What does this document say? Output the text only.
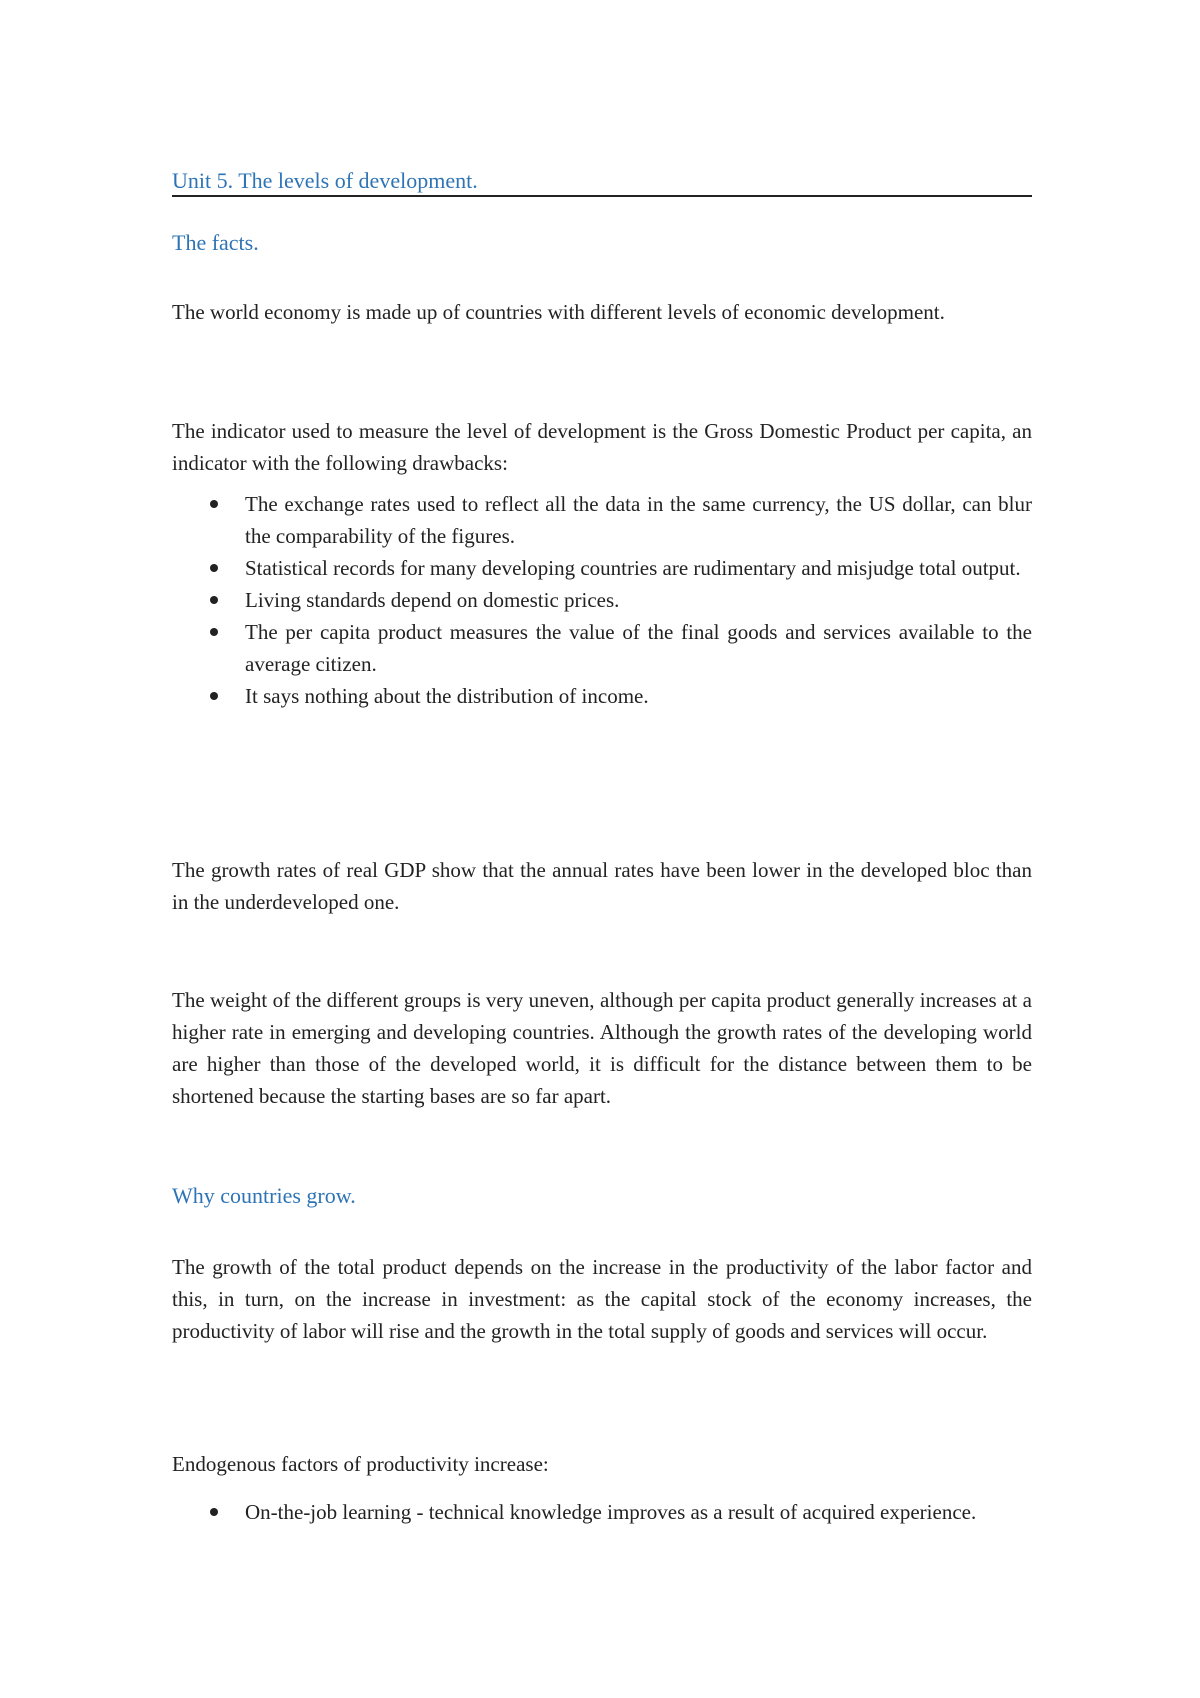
Unit 5. The levels of development.
The facts.

The world economy is made up of countries with different levels of economic development.

The indicator used to measure the level of development is the Gross Domestic Product per capita, an indicator with the following drawbacks:

The exchange rates used to reflect all the data in the same currency, the US dollar, can blur the comparability of the figures.
Statistical records for many developing countries are rudimentary and misjudge total output.
Living standards depend on domestic prices.
The per capita product measures the value of the final goods and services available to the average citizen.
It says nothing about the distribution of income.

The growth rates of real GDP show that the annual rates have been lower in the developed bloc than in the underdeveloped one.

The weight of the different groups is very uneven, although per capita product generally increases at a higher rate in emerging and developing countries. Although the growth rates of the developing world are higher than those of the developed world, it is difficult for the distance between them to be shortened because the starting bases are so far apart.

Why countries grow.

The growth of the total product depends on the increase in the productivity of the labor factor and this, in turn, on the increase in investment: as the capital stock of the economy increases, the productivity of labor will rise and the growth in the total supply of goods and services will occur.

Endogenous factors of productivity increase:

On-the-job learning - technical knowledge improves as a result of acquired experience.
